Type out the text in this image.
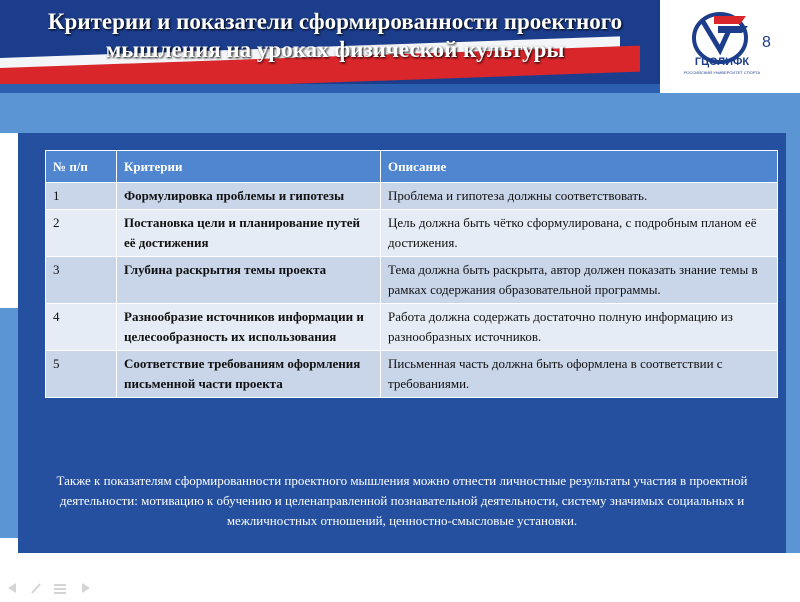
Критерии и показатели сформированности проектного мышления на уроках физической культуры	ГЦОЛИФК
РОССИЙСКИЙ УНИВЕРСИТЕТ СПОРТА
8
№ п/п	Критерии	Описание
1	Формулировка проблемы и гипотезы	Проблема и гипотеза должны соответствовать.
2	Постановка цели и планирование путей её достижения	Цель должна быть чётко сформулирована, с подробным планом её достижения.
3	Глубина раскрытия темы проекта	Тема должна быть раскрыта, автор должен показать знание темы в рамках содержания образовательной программы.
4	Разнообразие источников информации и целесообразность их использования	Работа должна содержать достаточно полную информацию из разнообразных источников.
5	Соответствие требованиям оформления письменной части проекта	Письменная часть должна быть оформлена в соответствии с требованиями.
Также к показателям сформированности проектного мышления можно отнести личностные результаты участия в проектной деятельности: мотивацию к обучению и целенаправленной познавательной деятельности, систему значимых социальных и межличностных отношений, ценностно-смысловые установки.
